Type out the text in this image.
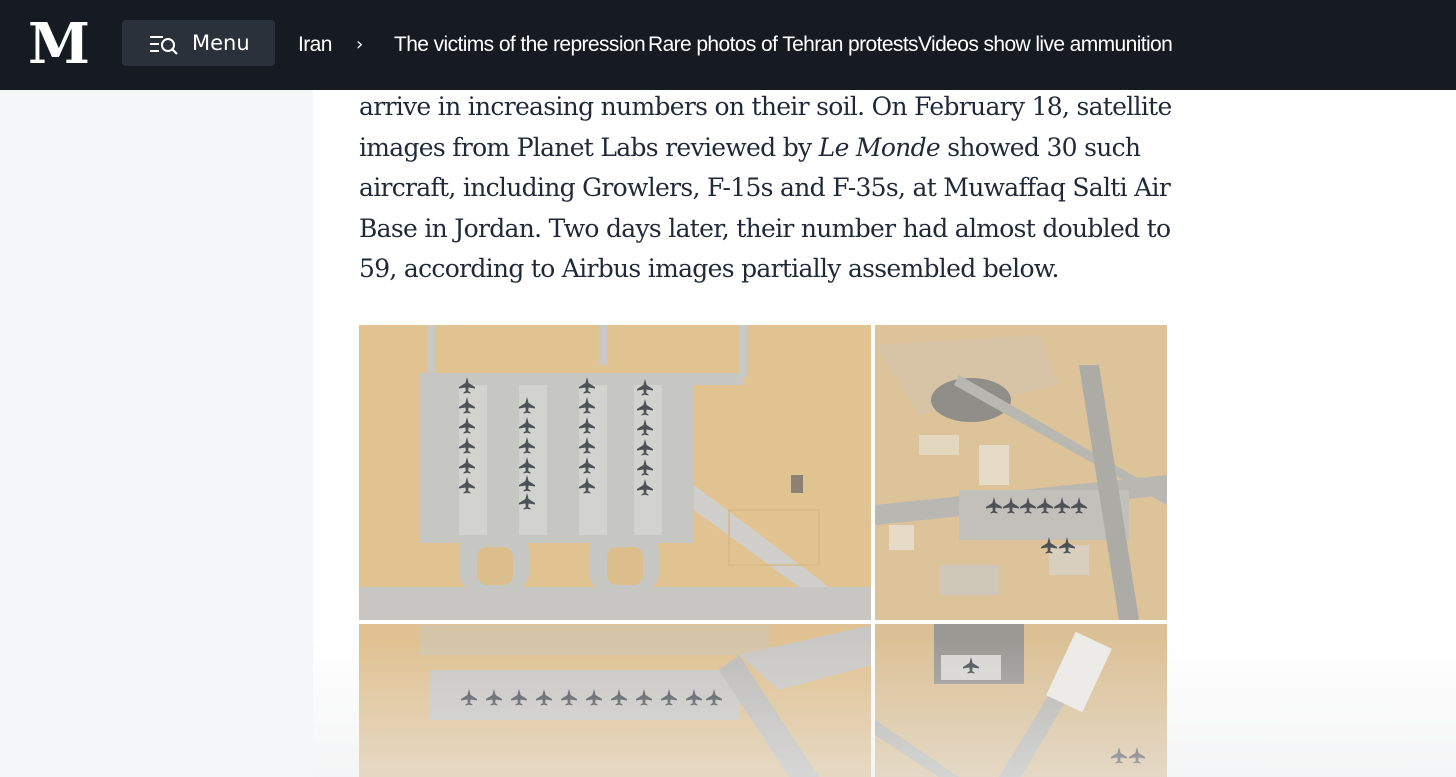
M	Menu Iran › The victims of the repression Rare photos of Tehran protests Videos show live ammunition

arrive in increasing numbers on their soil. On February 18, satellite
images from Planet Labs reviewed by Le Monde showed 30 such
aircraft, including Growlers, F-15s and F-35s, at Muwaffaq Salti Air
Base in Jordan. Two days later, their number had almost doubled to
59, according to Airbus images partially assembled below.
